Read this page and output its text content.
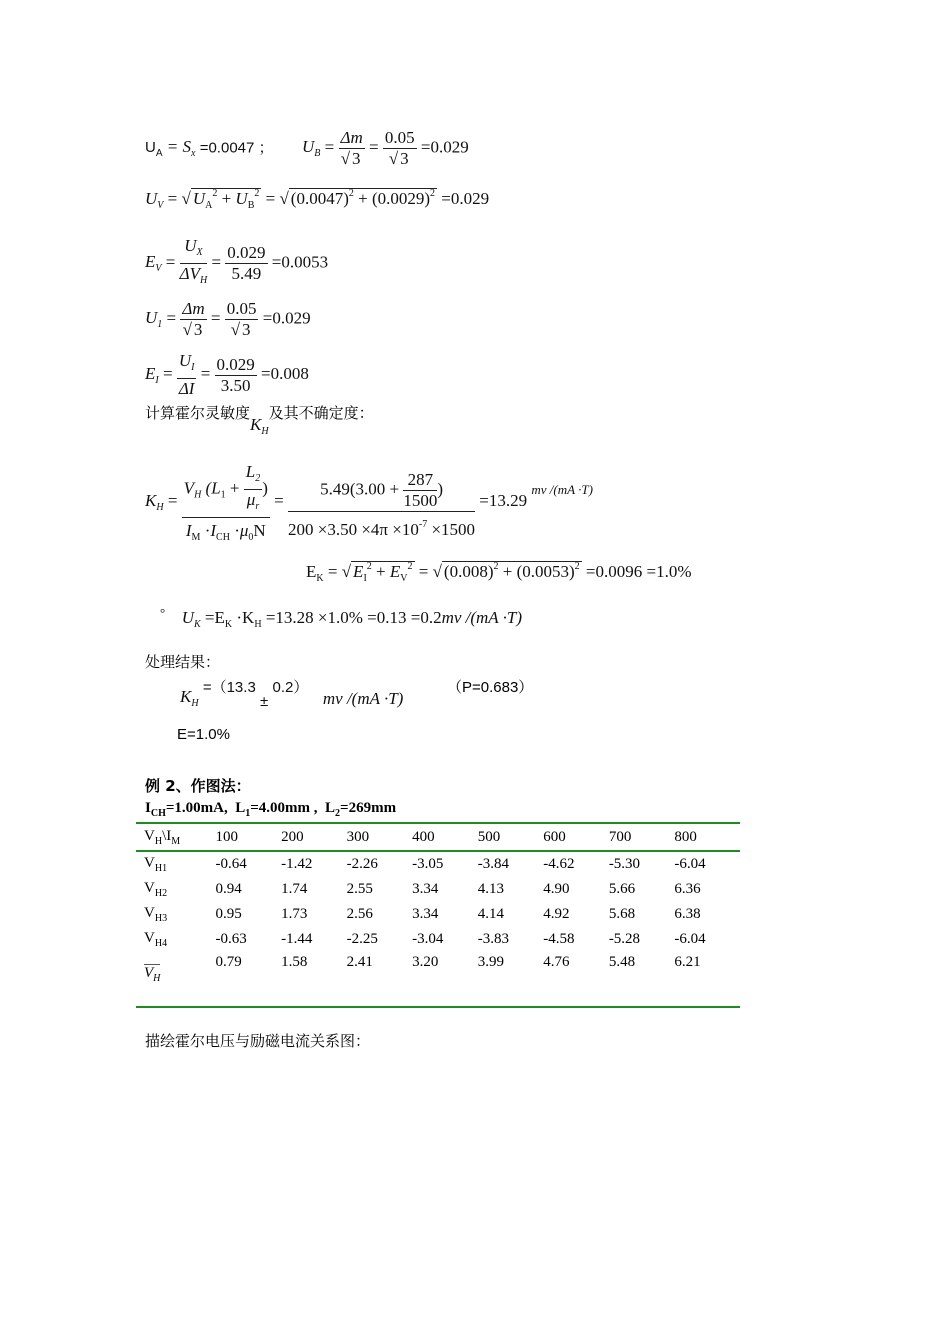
$U_A = S_x =0.0047$ ； $U_B = \frac{\Delta m}{√ 3} = \frac{0.05}{√ 3} =0.029$
$U_V$ = √ $U_A^2 + U_B^2$ = √ $(0.0047)^2 + (0.0029)^2 =0.029$
$E_V = \frac{U_X}{\Delta V_H} = \frac{0.029}{5.49} =0.0053$
$U_1 = \frac{\Delta m}{√ 3} = \frac{0.05}{√ 3} =0.029$
$E_I = \frac{U_I}{\Delta I} = \frac{0.029}{3.50} =0.008$
计算霍尔灵敏度$K_H$及其不确定度：
$K_H = \frac{V_H (L_1 + \frac{L_2}{\mu_r} )}{I_M \cdot I_{CH} \cdot\mu_0N} = \frac{5.49(3.00 + \frac{287}{1500} )}{200 \times 3.50 \times 4\pi \times 10^{-7} \times 1500} =13.29$ $^{mv /(mA \cdot T)}$
$E_K$ = √ $E_I^2 + E_V^2$ = √ $(0.008)^2 + (0.0053)^2 =0.0096 =1.0\%$
° $U_K =E_K \cdot K_H =13.28 \times 1.0\% =0.13 =0.2mv$ /(mA ·T)
处理结果：
$K_H =(13.3 \pm 0.2)$  mv /(mA ·T)
（P=0.683）
E=1.0%
例 2、作图法：
$I_{CH}=1.00mA$, $L_1=4.00mm$ , $L_2=269mm$
$V_H\backslash I_M$	100	200	300	400	500	600	700	800
$V_{H1}$	-0.64	-1.42	-2.26	-3.05	-3.84	-4.62	-5.30	-6.04
$V_{H2}$	0.94	1.74	2.55	3.34	4.13	4.90	5.66	6.36
$V_{H3}$	0.95	1.73	2.56	3.34	4.14	4.92	5.68	6.38
$V_{H4}$	-0.63	-1.44	-2.25	-3.04	-3.83	-4.58	-5.28	-6.04
$V_H$	0.79	1.58	2.41	3.20	3.99	4.76	5.48	6.21
描绘霍尔电压与励磁电流关系图：
